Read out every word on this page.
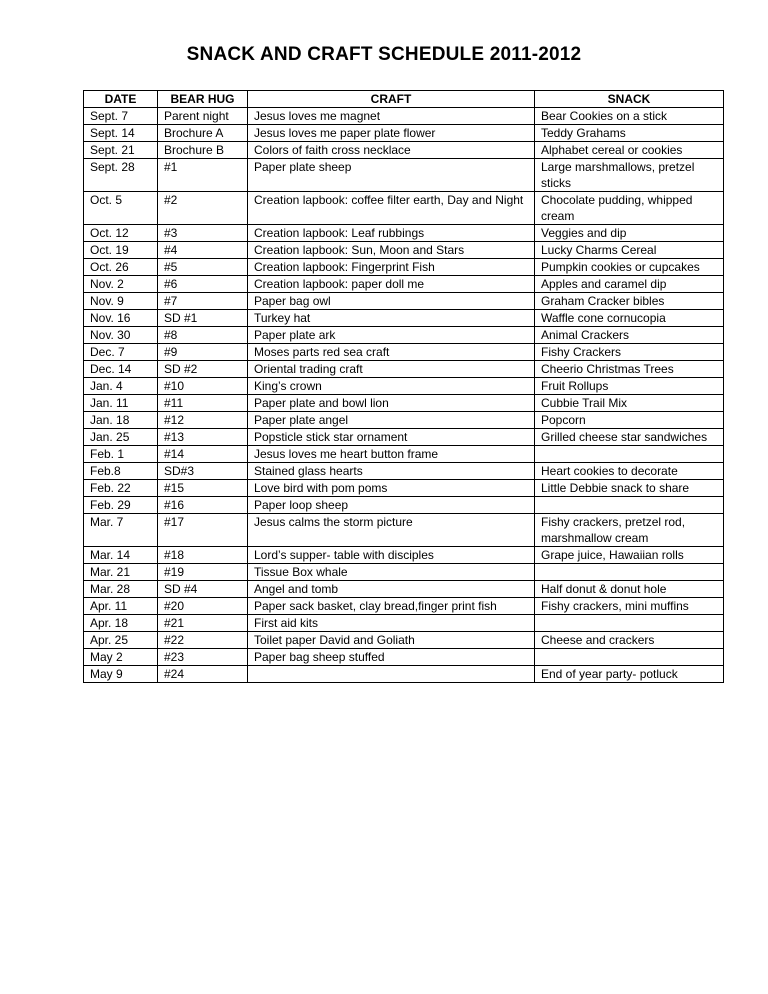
SNACK AND CRAFT SCHEDULE 2011-2012
DATE	BEAR HUG	CRAFT	SNACK
Sept. 7	Parent night	Jesus loves me magnet	Bear Cookies on a stick
Sept. 14	Brochure A	Jesus loves me paper plate flower	Teddy Grahams
Sept. 21	Brochure B	Colors of faith cross necklace	Alphabet cereal or cookies
Sept. 28	#1	Paper plate sheep	Large marshmallows, pretzel sticks
Oct. 5	#2	Creation lapbook: coffee filter earth, Day and Night	Chocolate pudding, whipped cream
Oct. 12	#3	Creation lapbook: Leaf rubbings	Veggies and dip
Oct. 19	#4	Creation lapbook: Sun, Moon and Stars	Lucky Charms Cereal
Oct. 26	#5	Creation lapbook: Fingerprint Fish	Pumpkin cookies or cupcakes
Nov. 2	#6	Creation lapbook: paper doll me	Apples and caramel dip
Nov. 9	#7	Paper bag owl	Graham Cracker bibles
Nov. 16	SD #1	Turkey hat	Waffle cone cornucopia
Nov. 30	#8	Paper plate ark	Animal Crackers
Dec. 7	#9	Moses parts red sea craft	Fishy Crackers
Dec. 14	SD #2	Oriental trading craft	Cheerio Christmas Trees
Jan. 4	#10	King’s crown	Fruit Rollups
Jan. 11	#11	Paper plate and bowl lion	Cubbie Trail Mix
Jan. 18	#12	Paper plate angel	Popcorn
Jan. 25	#13	Popsticle stick star ornament	Grilled cheese star sandwiches
Feb. 1	#14	Jesus loves me heart button frame	
Feb.8	SD#3	Stained glass hearts	Heart cookies to decorate
Feb. 22	#15	Love bird with pom poms	Little Debbie snack to share
Feb. 29	#16	Paper loop sheep	
Mar. 7	#17	Jesus calms the storm picture	Fishy crackers, pretzel rod, marshmallow cream
Mar. 14	#18	Lord’s supper- table with disciples	Grape juice, Hawaiian rolls
Mar. 21	#19	Tissue Box whale	
Mar. 28	SD #4	Angel and tomb	Half donut & donut hole
Apr. 11	#20	Paper sack basket, clay bread,finger print fish	Fishy crackers, mini muffins
Apr. 18	#21	First aid kits	
Apr. 25	#22	Toilet paper David and Goliath	Cheese and crackers
May 2	#23	Paper bag sheep stuffed	
May 9	#24		End of year party- potluck
